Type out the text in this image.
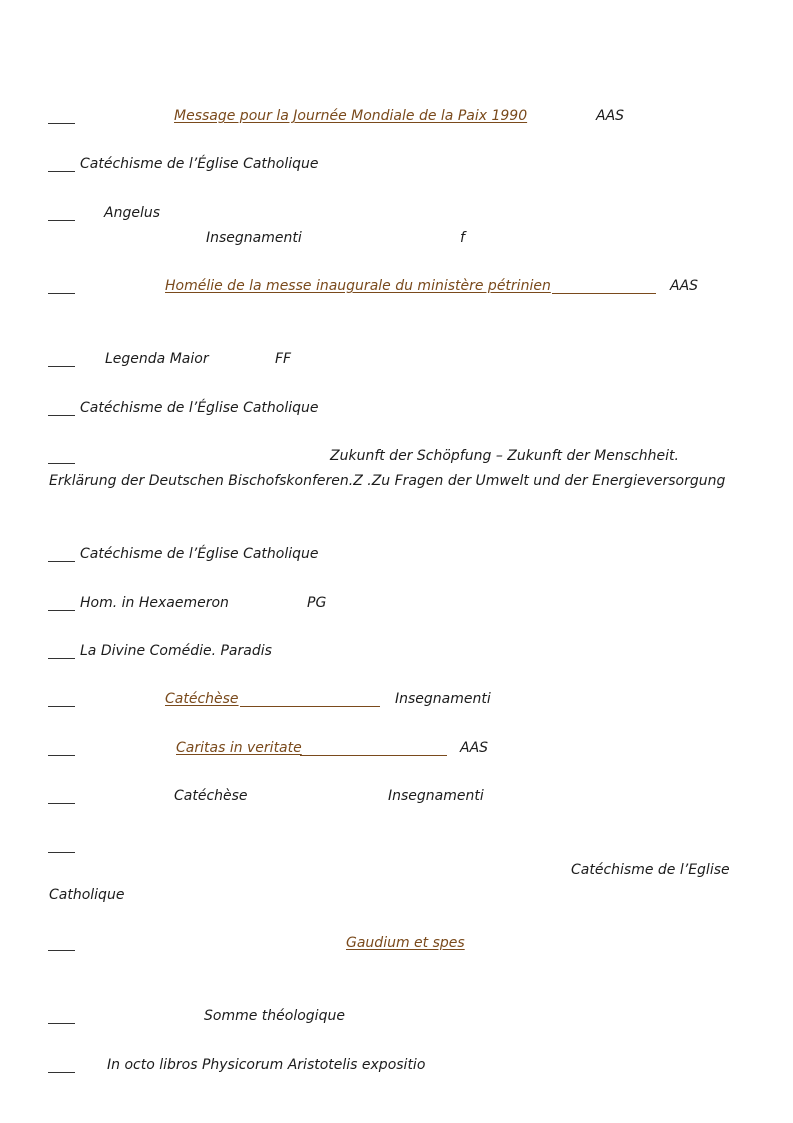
Message pour la Journée Mondiale de la Paix 1990	AAS
Catéchisme de l’Église Catholique
Angelus
Insegnamenti	f
Homélie de la messe inaugurale du ministère pétrinien	AAS
Legenda Maior	FF
Catéchisme de l’Église Catholique
Zukunft der Schöpfung – Zukunft der Menschheit.
Erklärung der Deutschen Bischofskonferen.Z .Zu Fragen der Umwelt und der Energieversorgung
Catéchisme de l’Église Catholique
Hom. in Hexaemeron	PG
La Divine Comédie. Paradis
Catéchèse	Insegnamenti
Caritas in veritate	AAS
Catéchèse	Insegnamenti
Catéchisme de l’Eglise
Catholique
Gaudium et spes
Somme théologique
In octo libros Physicorum Aristotelis expositio
